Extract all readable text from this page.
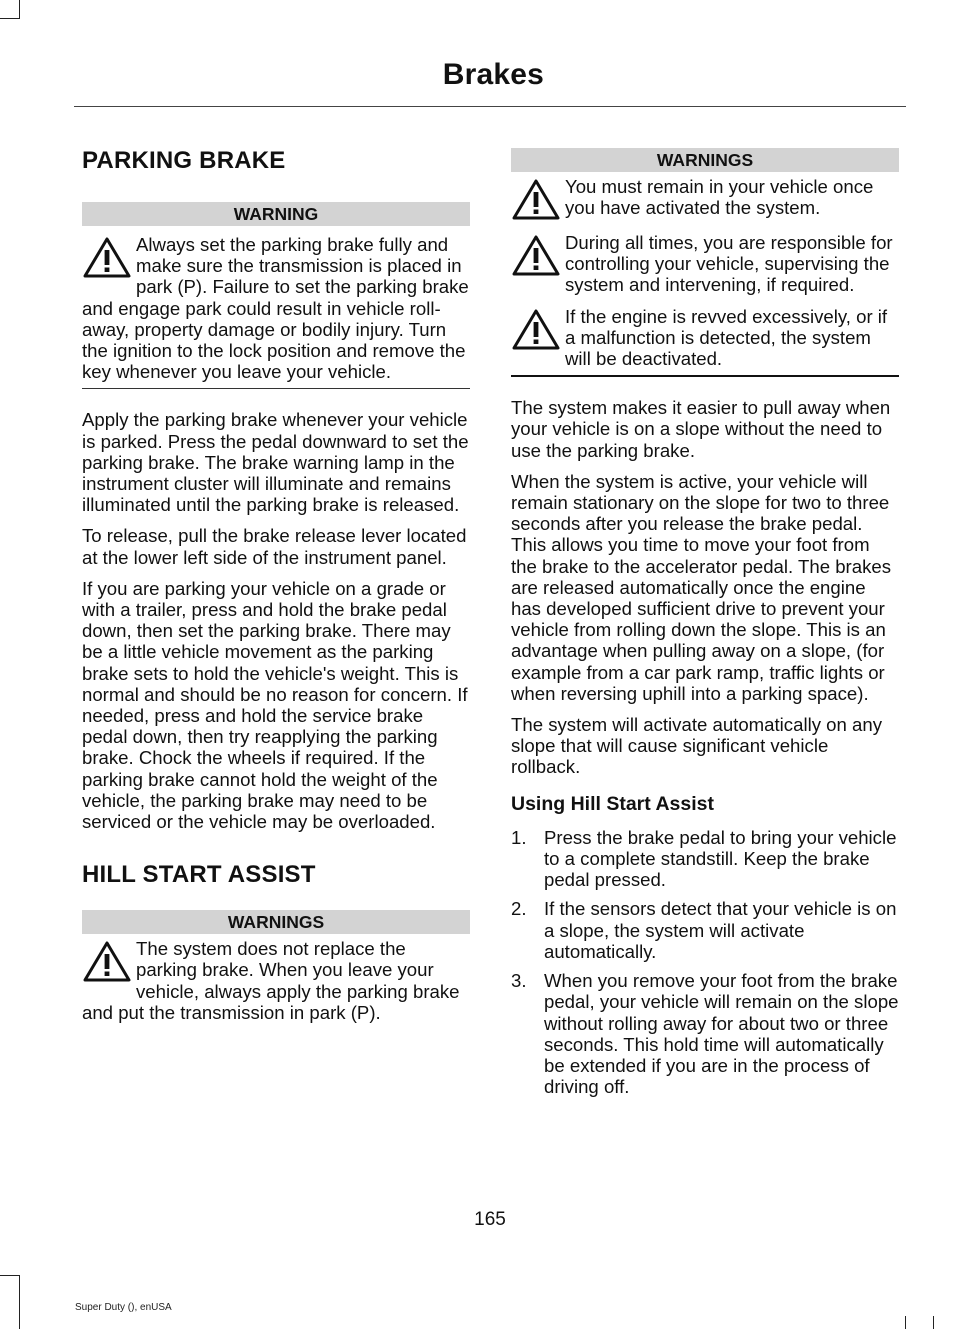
Brakes
PARKING BRAKE
WARNING
Always set the parking brake fully and make sure the transmission is placed in park (P). Failure to set the parking brake and engage park could result in vehicle roll-away, property damage or bodily injury. Turn the ignition to the lock position and remove the key whenever you leave your vehicle.

Apply the parking brake whenever your vehicle is parked. Press the pedal downward to set the parking brake. The brake warning lamp in the instrument cluster will illuminate and remains illuminated until the parking brake is released.

To release, pull the brake release lever located at the lower left side of the instrument panel.

If you are parking your vehicle on a grade or with a trailer, press and hold the brake pedal down, then set the parking brake. There may be a little vehicle movement as the parking brake sets to hold the vehicle's weight. This is normal and should be no reason for concern. If needed, press and hold the service brake pedal down, then try reapplying the parking brake. Chock the wheels if required. If the parking brake cannot hold the weight of the vehicle, the parking brake may need to be serviced or the vehicle may be overloaded.

HILL START ASSIST
WARNINGS
The system does not replace the parking brake. When you leave your vehicle, always apply the parking brake and put the transmission in park (P).
WARNINGS
You must remain in your vehicle once you have activated the system.
During all times, you are responsible for controlling your vehicle, supervising the system and intervening, if required.
If the engine is revved excessively, or if a malfunction is detected, the system will be deactivated.

The system makes it easier to pull away when your vehicle is on a slope without the need to use the parking brake.

When the system is active, your vehicle will remain stationary on the slope for two to three seconds after you release the brake pedal. This allows you time to move your foot from the brake to the accelerator pedal. The brakes are released automatically once the engine has developed sufficient drive to prevent your vehicle from rolling down the slope. This is an advantage when pulling away on a slope, (for example from a car park ramp, traffic lights or when reversing uphill into a parking space).

The system will activate automatically on any slope that will cause significant vehicle rollback.

Using Hill Start Assist
1. Press the brake pedal to bring your vehicle to a complete standstill. Keep the brake pedal pressed.
2. If the sensors detect that your vehicle is on a slope, the system will activate automatically.
3. When you remove your foot from the brake pedal, your vehicle will remain on the slope without rolling away for about two or three seconds. This hold time will automatically be extended if you are in the process of driving off.
165
Super Duty (), enUSA
